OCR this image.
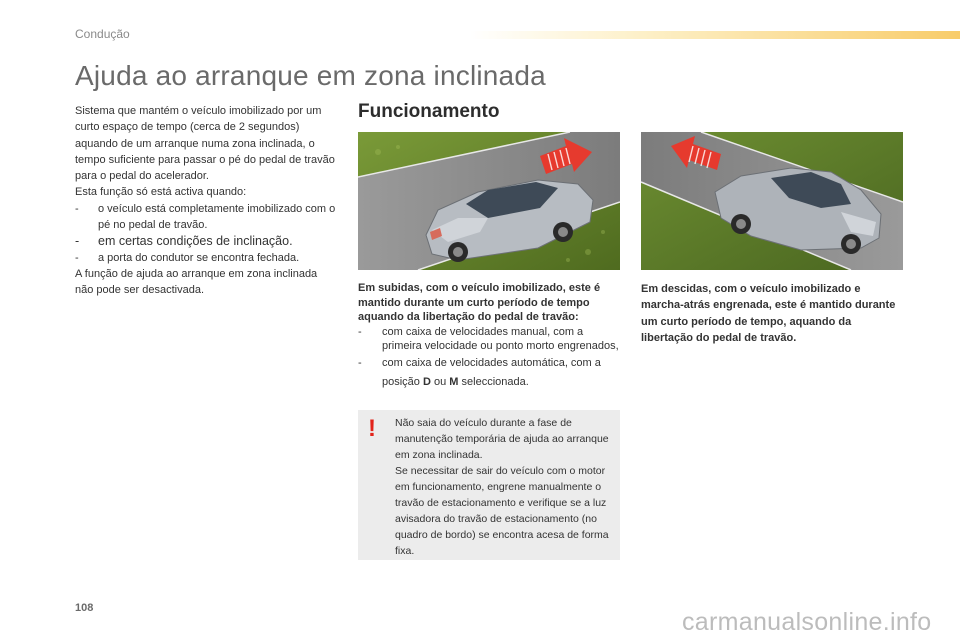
Condução
Ajuda ao arranque em zona inclinada

Sistema que mantém o veículo imobilizado por um curto espaço de tempo (cerca de 2 segundos) aquando de um arranque numa zona inclinada, o tempo suficiente para passar o pé do pedal de travão para o pedal do acelerador.

Esta função só está activa quando:

- o veículo está completamente imobilizado com o pé no pedal de travão.

- em certas condições de inclinação.

- a porta do condutor se encontra fechada.

A função de ajuda ao arranque em zona inclinada não pode ser desactivada.

Funcionamento

Em subidas, com o veículo imobilizado, este é mantido durante um curto período de tempo aquando da libertação do pedal de travão:

- com caixa de velocidades manual, com a primeira velocidade ou ponto morto engrenados,

- com caixa de velocidades automática, com a posição D ou M seleccionada.

Em descidas, com o veículo imobilizado e marcha-atrás engrenada, este é mantido durante um curto período de tempo, aquando da libertação do pedal de travão.
! Não saia do veículo durante a fase de manutenção temporária de ajuda ao arranque em zona inclinada.

Se necessitar de sair do veículo com o motor em funcionamento, engrene manualmente o travão de estacionamento e verifique se a luz avisadora do travão de estacionamento (no quadro de bordo) se encontra acesa de forma fixa.

108	carmanualsonline.info
